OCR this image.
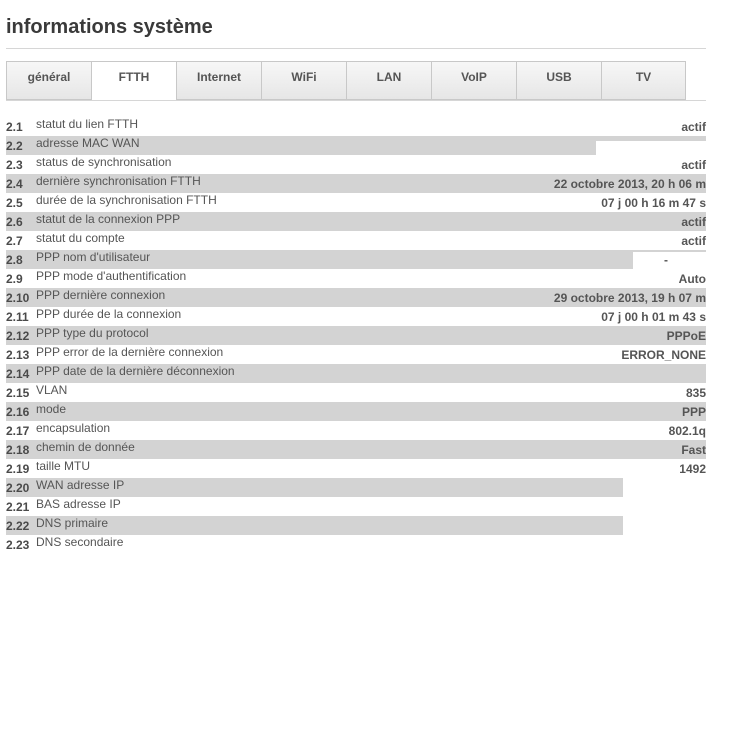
informations système
général	FTTH	Internet	WiFi	LAN	VoIP	USB	TV
2.1 statut du lien FTTH	actif
2.2 adresse MAC WAN
2.3 status de synchronisation	actif
2.4 dernière synchronisation FTTH	22 octobre 2013, 20 h 06 m
2.5 durée de la synchronisation FTTH	07 j 00 h 16 m 47 s
2.6 statut de la connexion PPP	actif
2.7 statut du compte	actif
2.8 PPP nom d'utilisateur	-
2.9 PPP mode d'authentification	Auto
2.10 PPP dernière connexion	29 octobre 2013, 19 h 07 m
2.11 PPP durée de la connexion	07 j 00 h 01 m 43 s
2.12 PPP type du protocol	PPPoE
2.13 PPP error de la dernière connexion	ERROR_NONE
2.14 PPP date de la dernière déconnexion
2.15 VLAN	835
2.16 mode	PPP
2.17 encapsulation	802.1q
2.18 chemin de donnée	Fast
2.19 taille MTU	1492
2.20 WAN adresse IP
2.21 BAS adresse IP
2.22 DNS primaire
2.23 DNS secondaire
